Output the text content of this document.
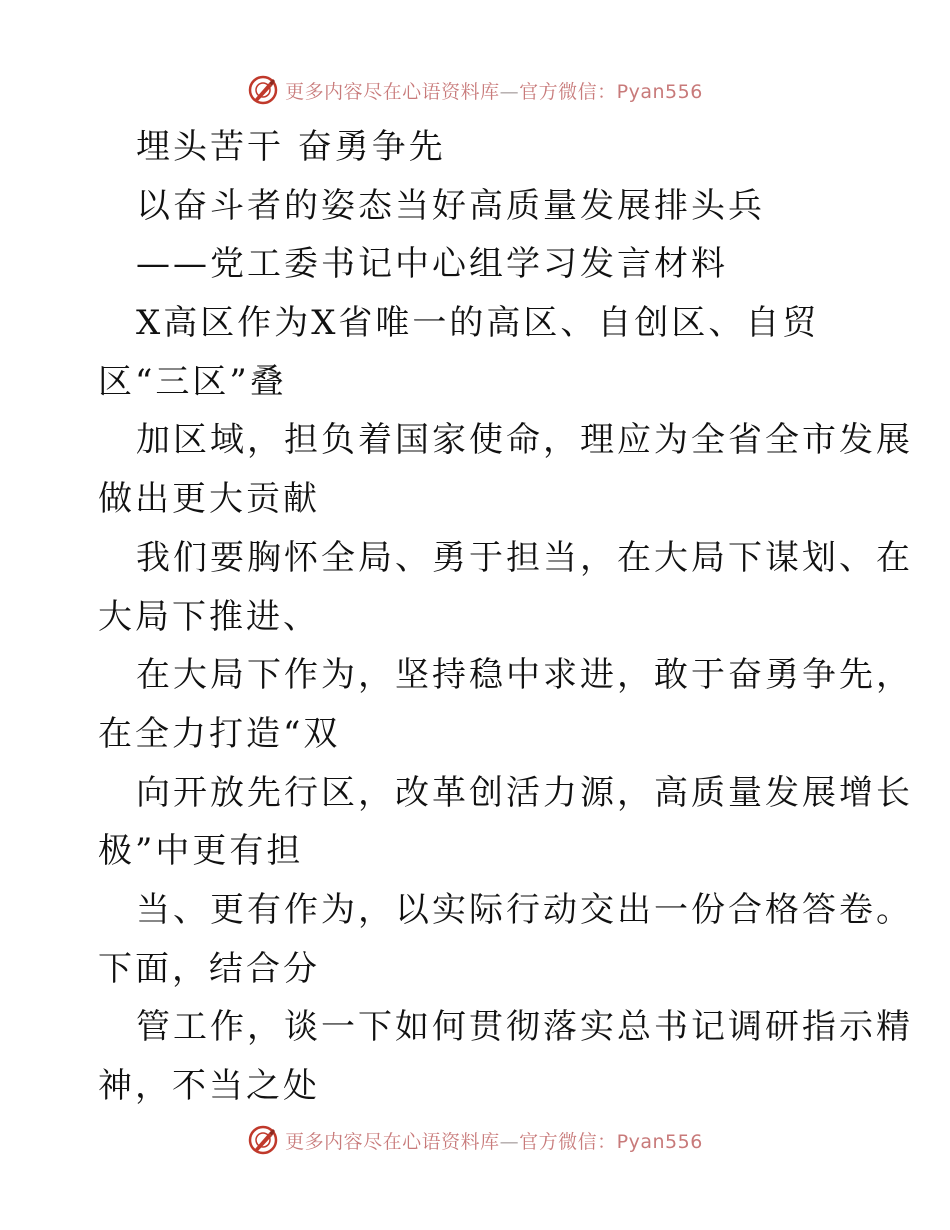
更多内容尽在心语资料库—官方微信：Pyan556
埋头苦干 奋勇争先
以奋斗者的姿态当好高质量发展排头兵
——党工委书记中心组学习发言材料
X高区作为X省唯一的高区、自创区、自贸
区“三区”叠
加区域，担负着国家使命，理应为全省全市发展
做出更大贡献
我们要胸怀全局、勇于担当，在大局下谋划、在
大局下推进、
在大局下作为，坚持稳中求进，敢于奋勇争先，
在全力打造“双
向开放先行区，改革创活力源，高质量发展增长
极”中更有担
当、更有作为，以实际行动交出一份合格答卷。
下面，结合分
管工作，谈一下如何贯彻落实总书记调研指示精
神，不当之处
更多内容尽在心语资料库—官方微信：Pyan556
